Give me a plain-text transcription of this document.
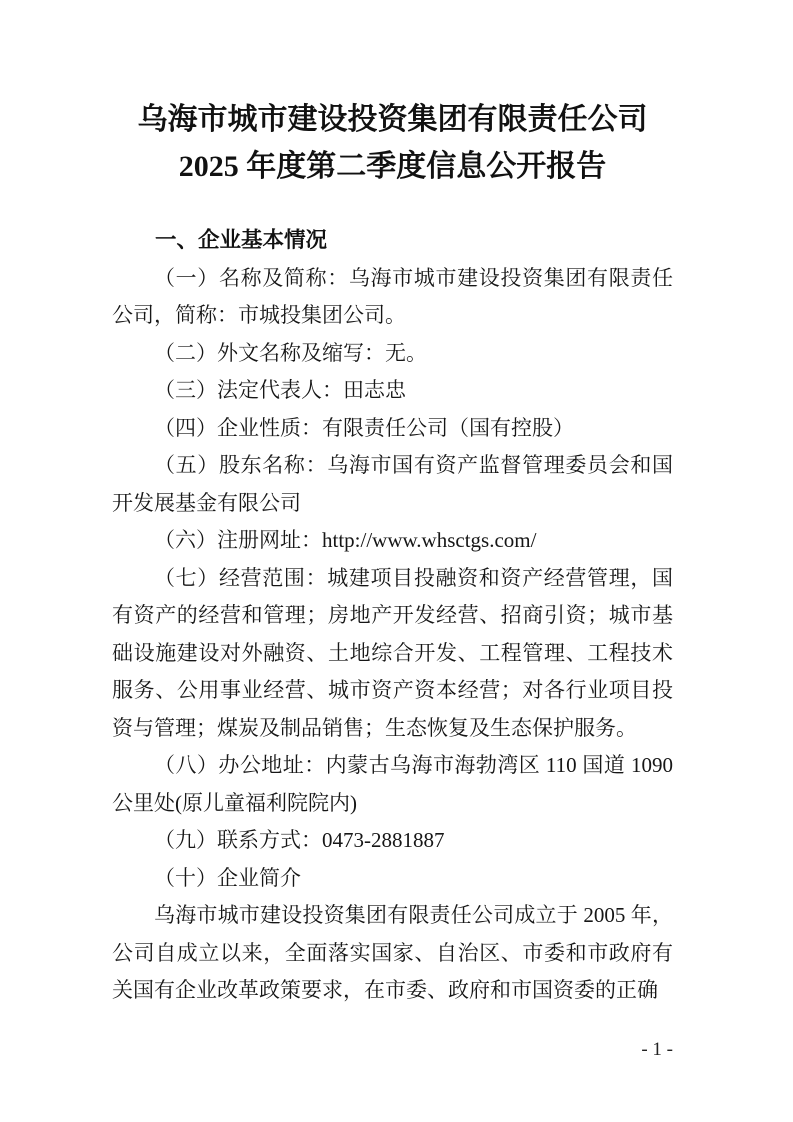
乌海市城市建设投资集团有限责任公司
2025 年度第二季度信息公开报告
一、企业基本情况

（一）名称及简称：乌海市城市建设投资集团有限责任公司，简称：市城投集团公司。

（二）外文名称及缩写：无。

（三）法定代表人：田志忠

（四）企业性质：有限责任公司（国有控股）

（五）股东名称：乌海市国有资产监督管理委员会和国开发展基金有限公司

（六）注册网址：http://www.whsctgs.com/

（七）经营范围：城建项目投融资和资产经营管理，国有资产的经营和管理；房地产开发经营、招商引资；城市基础设施建设对外融资、土地综合开发、工程管理、工程技术服务、公用事业经营、城市资产资本经营；对各行业项目投资与管理；煤炭及制品销售；生态恢复及生态保护服务。

（八）办公地址：内蒙古乌海市海勃湾区 110 国道 1090 公里处(原儿童福利院院内)

（九）联系方式：0473-2881887

（十）企业简介

乌海市城市建设投资集团有限责任公司成立于 2005 年，公司自成立以来，全面落实国家、自治区、市委和市政府有关国有企业改革政策要求，在市委、政府和市国资委的正确

- 1 -
